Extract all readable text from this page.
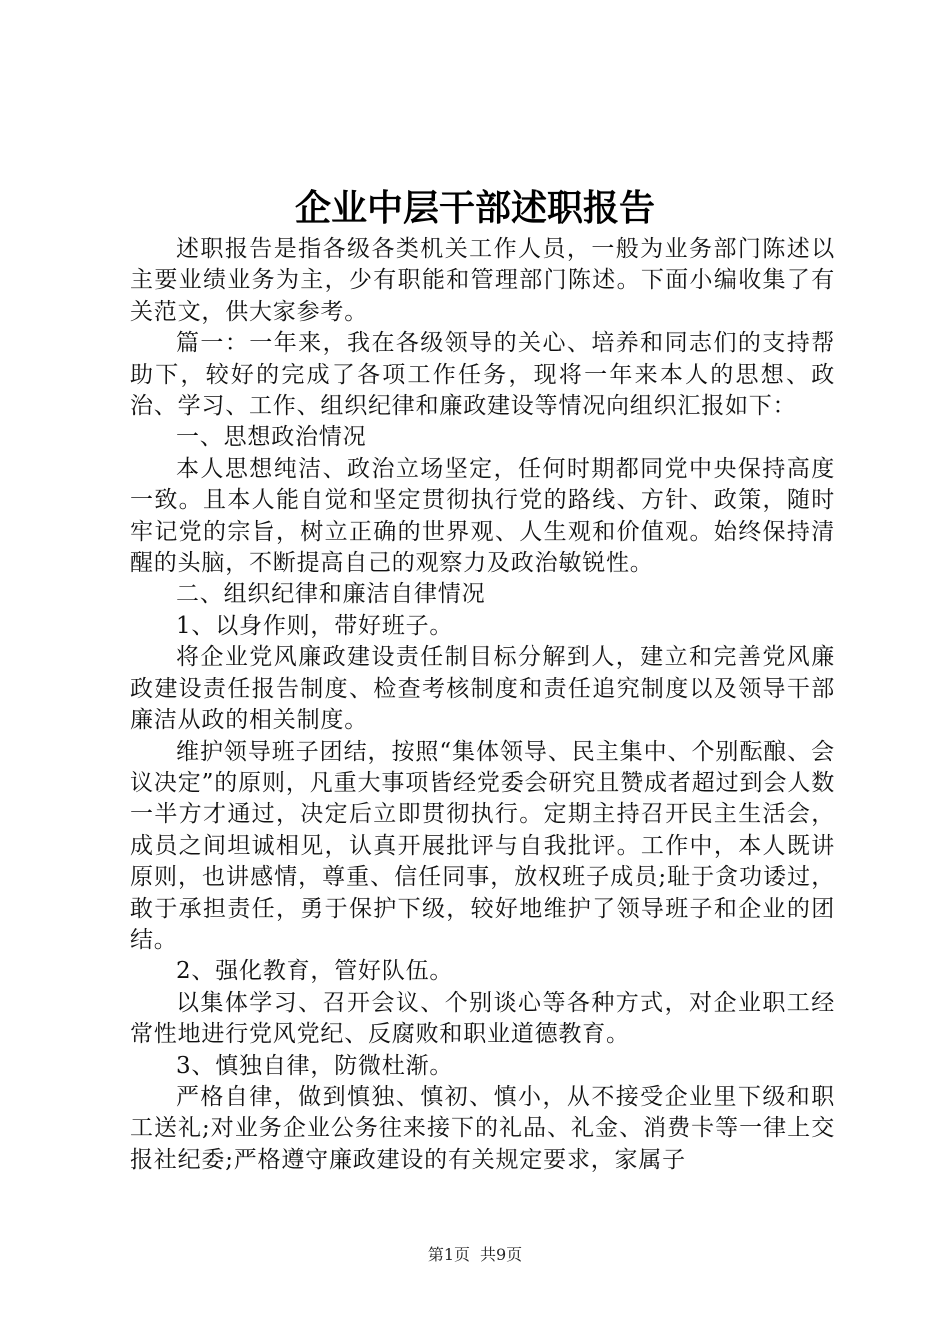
企业中层干部述职报告

述职报告是指各级各类机关工作人员，一般为业务部门陈述以主要业绩业务为主，少有职能和管理部门陈述。下面小编收集了有关范文，供大家参考。

篇一：一年来，我在各级领导的关心、培养和同志们的支持帮助下，较好的完成了各项工作任务，现将一年来本人的思想、政治、学习、工作、组织纪律和廉政建设等情况向组织汇报如下：

一、思想政治情况

本人思想纯洁、政治立场坚定，任何时期都同党中央保持高度一致。且本人能自觉和坚定贯彻执行党的路线、方针、政策，随时牢记党的宗旨，树立正确的世界观、人生观和价值观。始终保持清醒的头脑，不断提高自己的观察力及政治敏锐性。

二、组织纪律和廉洁自律情况

1、以身作则，带好班子。

将企业党风廉政建设责任制目标分解到人，建立和完善党风廉政建设责任报告制度、检查考核制度和责任追究制度以及领导干部廉洁从政的相关制度。

维护领导班子团结，按照“集体领导、民主集中、个别酝酿、会议决定”的原则，凡重大事项皆经党委会研究且赞成者超过到会人数一半方才通过，决定后立即贯彻执行。定期主持召开民主生活会，成员之间坦诚相见，认真开展批评与自我批评。工作中，本人既讲原则，也讲感情，尊重、信任同事，放权班子成员;耻于贪功诿过，敢于承担责任，勇于保护下级，较好地维护了领导班子和企业的团结。

2、强化教育，管好队伍。

以集体学习、召开会议、个别谈心等各种方式，对企业职工经常性地进行党风党纪、反腐败和职业道德教育。

3、慎独自律，防微杜渐。

严格自律，做到慎独、慎初、慎小，从不接受企业里下级和职工送礼;对业务企业公务往来接下的礼品、礼金、消费卡等一律上交报社纪委;严格遵守廉政建设的有关规定要求，家属子

第1页 共9页
